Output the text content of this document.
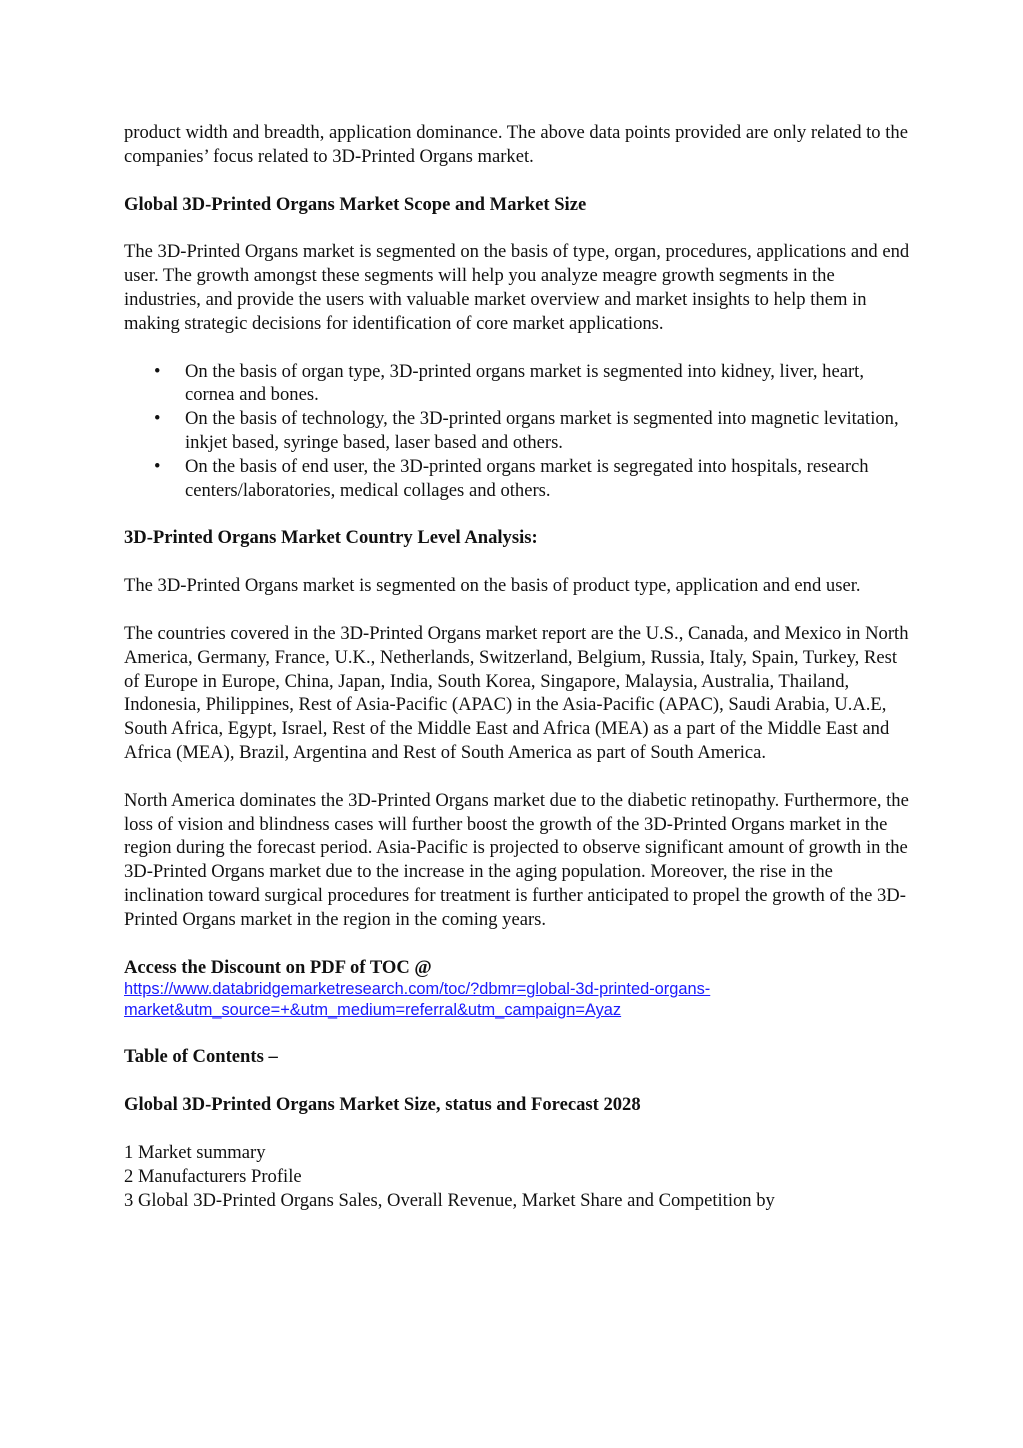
product width and breadth, application dominance. The above data points provided are only related to the companies’ focus related to 3D-Printed Organs market.

Global 3D-Printed Organs Market Scope and Market Size

The 3D-Printed Organs market is segmented on the basis of type, organ, procedures, applications and end user. The growth amongst these segments will help you analyze meagre growth segments in the industries, and provide the users with valuable market overview and market insights to help them in making strategic decisions for identification of core market applications.

• On the basis of organ type, 3D-printed organs market is segmented into kidney, liver, heart, cornea and bones.
• On the basis of technology, the 3D-printed organs market is segmented into magnetic levitation, inkjet based, syringe based, laser based and others.
• On the basis of end user, the 3D-printed organs market is segregated into hospitals, research centers/laboratories, medical collages and others.
3D-Printed Organs Market Country Level Analysis:

The 3D-Printed Organs market is segmented on the basis of product type, application and end user.

The countries covered in the 3D-Printed Organs market report are the U.S., Canada, and Mexico in North America, Germany, France, U.K., Netherlands, Switzerland, Belgium, Russia, Italy, Spain, Turkey, Rest of Europe in Europe, China, Japan, India, South Korea, Singapore, Malaysia, Australia, Thailand, Indonesia, Philippines, Rest of Asia-Pacific (APAC) in the Asia-Pacific (APAC), Saudi Arabia, U.A.E, South Africa, Egypt, Israel, Rest of the Middle East and Africa (MEA) as a part of the Middle East and Africa (MEA), Brazil, Argentina and Rest of South America as part of South America.

North America dominates the 3D-Printed Organs market due to the diabetic retinopathy. Furthermore, the loss of vision and blindness cases will further boost the growth of the 3D-Printed Organs market in the region during the forecast period. Asia-Pacific is projected to observe significant amount of growth in the 3D-Printed Organs market due to the increase in the aging population. Moreover, the rise in the inclination toward surgical procedures for treatment is further anticipated to propel the growth of the 3D-Printed Organs market in the region in the coming years.

Access the Discount on PDF of TOC @
https://www.databridgemarketresearch.com/toc/?dbmr=global-3d-printed-organs-
market&utm_source=+&utm_medium=referral&utm_campaign=Ayaz
Table of Contents –
Global 3D-Printed Organs Market Size, status and Forecast 2028
1 Market summary
2 Manufacturers Profile
3 Global 3D-Printed Organs Sales, Overall Revenue, Market Share and Competition by
